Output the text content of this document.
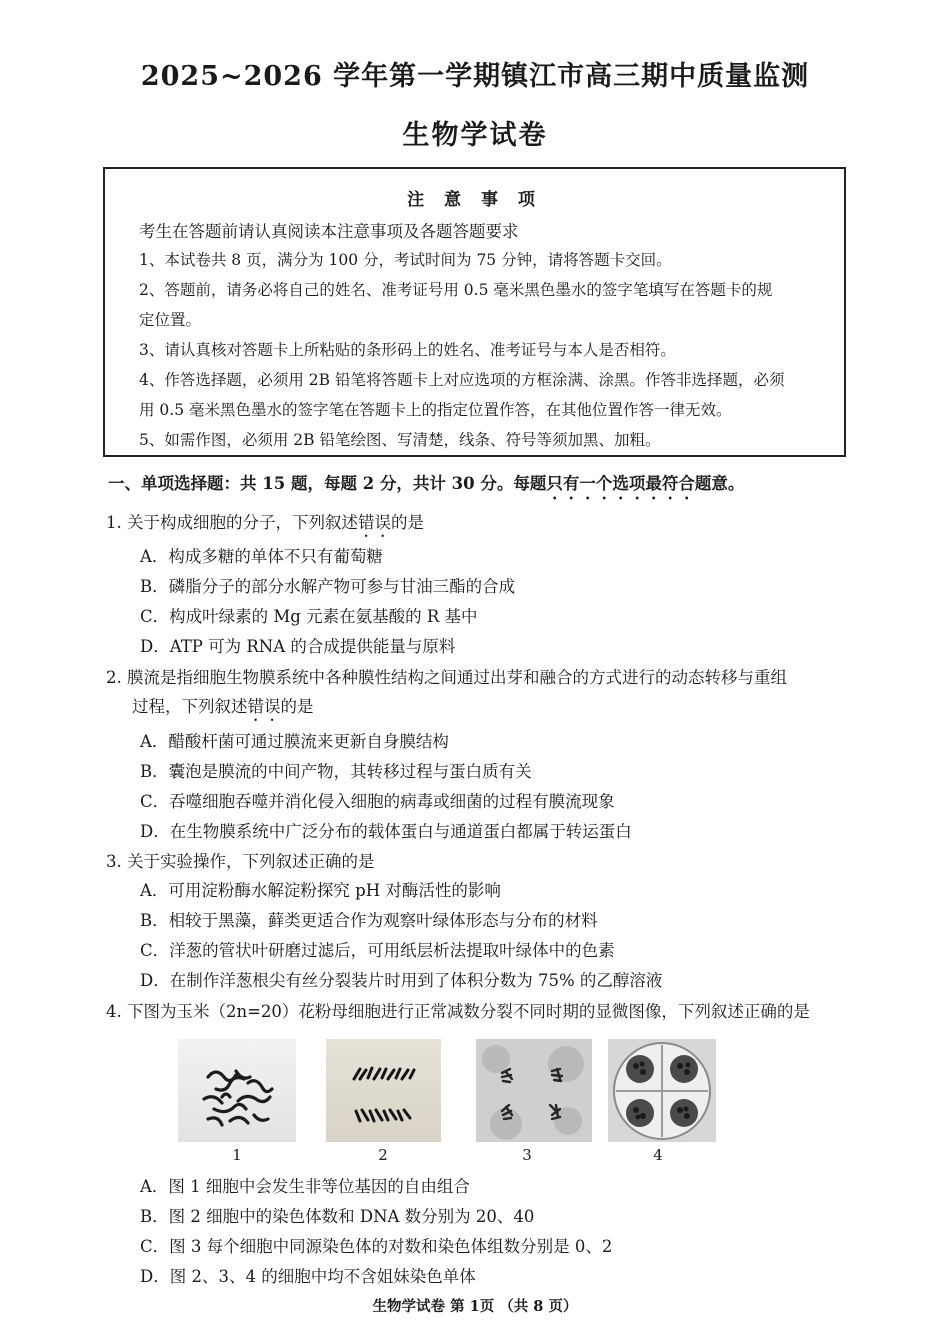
2025~2026 学年第一学期镇江市高三期中质量监测
生物学试卷
注 意 事 项
考生在答题前请认真阅读本注意事项及各题答题要求
1、本试卷共 8 页，满分为 100 分，考试时间为 75 分钟，请将答题卡交回。
2、答题前，请务必将自己的姓名、准考证号用 0.5 毫米黑色墨水的签字笔填写在答题卡的规
定位置。
3、请认真核对答题卡上所粘贴的条形码上的姓名、准考证号与本人是否相符。
4、作答选择题，必须用 2B 铅笔将答题卡上对应选项的方框涂满、涂黑。作答非选择题，必须
用 0.5 毫米黑色墨水的签字笔在答题卡上的指定位置作答，在其他位置作答一律无效。
5、如需作图，必须用 2B 铅笔绘图、写清楚，线条、符号等须加黑、加粗。
一、单项选择题：共 15 题，每题 2 分，共计 30 分。每题只有一个选项最符合题意。
1. 关于构成细胞的分子，下列叙述错误的是
A．构成多糖的单体不只有葡萄糖
B．磷脂分子的部分水解产物可参与甘油三酯的合成
C．构成叶绿素的 Mg 元素在氨基酸的 R 基中
D．ATP 可为 RNA 的合成提供能量与原料
2. 膜流是指细胞生物膜系统中各种膜性结构之间通过出芽和融合的方式进行的动态转移与重组
过程，下列叙述错误的是
A．醋酸杆菌可通过膜流来更新自身膜结构
B．囊泡是膜流的中间产物，其转移过程与蛋白质有关
C．吞噬细胞吞噬并消化侵入细胞的病毒或细菌的过程有膜流现象
D．在生物膜系统中广泛分布的载体蛋白与通道蛋白都属于转运蛋白
3. 关于实验操作，下列叙述正确的是
A．可用淀粉酶水解淀粉探究 pH 对酶活性的影响
B．相较于黑藻，藓类更适合作为观察叶绿体形态与分布的材料
C．洋葱的管状叶研磨过滤后，可用纸层析法提取叶绿体中的色素
D．在制作洋葱根尖有丝分裂装片时用到了体积分数为 75% 的乙醇溶液
4. 下图为玉米（2n=20）花粉母细胞进行正常减数分裂不同时期的显微图像，下列叙述正确的是
1	2	3	4
A．图 1 细胞中会发生非等位基因的自由组合
B．图 2 细胞中的染色体数和 DNA 数分别为 20、40
C．图 3 每个细胞中同源染色体的对数和染色体组数分别是 0、2
D．图 2、3、4 的细胞中均不含姐妹染色单体
生物学试卷 第 1页 （共 8 页）
